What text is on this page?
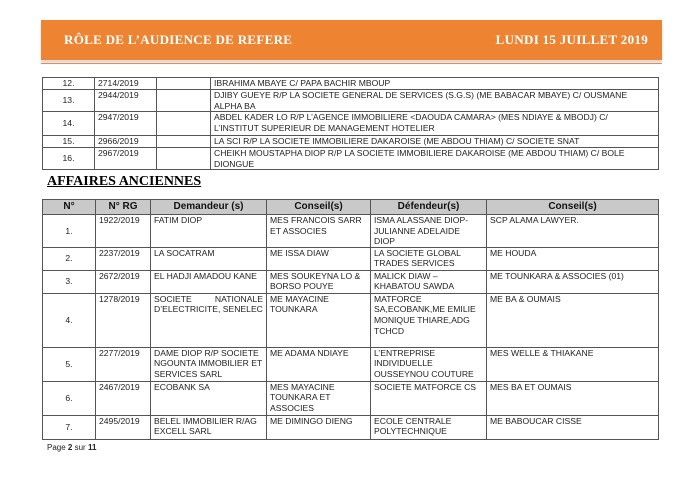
RÔLE DE L’AUDIENCE DE REFERE	LUNDI 15 JUILLET 2019
12.	2714/2019		IBRAHIMA MBAYE C/ PAPA BACHIR MBOUP
13.	2944/2019		DJIBY GUEYE R/P LA SOCIETE GENERAL DE SERVICES (S.G.S) (ME BABACAR MBAYE) C/ OUSMANE ALPHA BA
14.	2947/2019		ABDEL KADER LO R/P L’AGENCE IMMOBILIERE <DAOUDA CAMARA> (MES NDIAYE & MBODJ) C/ L’INSTITUT SUPERIEUR DE MANAGEMENT HOTELIER
15.	2966/2019		LA SCI R/P LA SOCIETE IMMOBILIERE DAKAROISE (ME ABDOU THIAM) C/ SOCIETE SNAT
16.	2967/2019		CHEIKH MOUSTAPHA DIOP R/P LA SOCIETE IMMOBILIERE DAKAROISE (ME ABDOU THIAM) C/ BOLE DIONGUE
AFFAIRES ANCIENNES
N°	N° RG	Demandeur (s)	Conseil(s)	Défendeur(s)	Conseil(s)
1.	1922/2019	FATIM DIOP	MES FRANCOIS SARR ET ASSOCIES	ISMA ALASSANE DIOP-JULIANNE ADELAIDE DIOP	SCP ALAMA LAWYER.
2.	2237/2019	LA SOCATRAM	ME ISSA DIAW	LA SOCIETE GLOBAL TRADES SERVICES	ME HOUDA
3.	2672/2019	EL HADJI AMADOU KANE	MES SOUKEYNA LO & BORSO POUYE	MALICK DIAW – KHABATOU SAWDA	ME TOUNKARA & ASSOCIES (01)
4.	1278/2019	SOCIETE NATIONALE D’ELECTRICITE, SENELEC	ME MAYACINE TOUNKARA	MATFORCE SA,ECOBANK,ME EMILIE MONIQUE THIARE,ADG TCHCD	ME BA & OUMAIS
5.	2277/2019	DAME DIOP R/P SOCIETE NGOUNTA IMMOBILIER ET SERVICES SARL	ME ADAMA NDIAYE	L’ENTREPRISE INDIVIDUELLE OUSSEYNOU COUTURE	MES WELLE & THIAKANE
6.	2467/2019	ECOBANK SA	MES MAYACINE TOUNKARA ET ASSOCIES	SOCIETE MATFORCE CS	MES BA ET OUMAIS
7.	2495/2019	BELEL IMMOBILIER R/AG EXCELL SARL	ME DIMINGO DIENG	ECOLE CENTRALE POLYTECHNIQUE	ME BABOUCAR CISSE
Page 2 sur 11
